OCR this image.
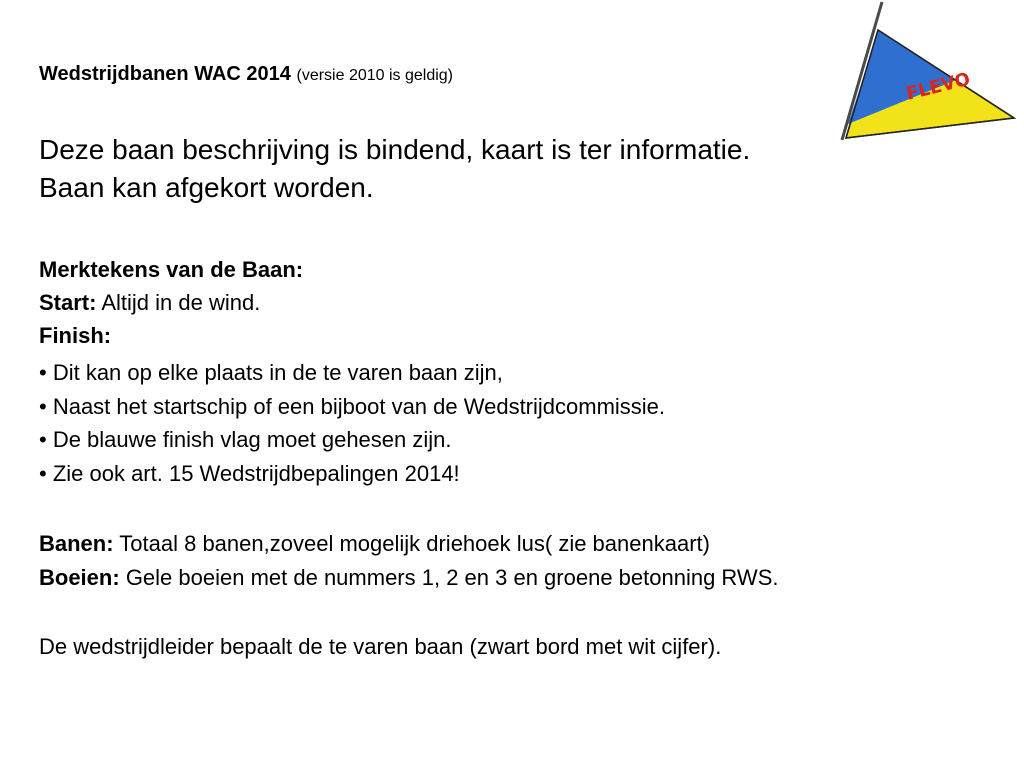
FLEVO
Wedstrijdbanen WAC 2014 (versie 2010 is geldig)
Deze baan beschrijving is bindend, kaart is ter informatie.
Baan kan afgekort worden.
Merktekens van de Baan:
Start: Altijd in de wind.
Finish:
• Dit kan op elke plaats in de te varen baan zijn,
• Naast het startschip of een bijboot van de Wedstrijdcommissie.
• De blauwe finish vlag moet gehesen zijn.
• Zie ook art. 15 Wedstrijdbepalingen 2014!
Banen: Totaal 8 banen,zoveel mogelijk driehoek lus( zie banenkaart)
Boeien: Gele boeien met de nummers 1, 2 en 3 en groene betonning RWS.
De wedstrijdleider bepaalt de te varen baan (zwart bord met wit cijfer).
